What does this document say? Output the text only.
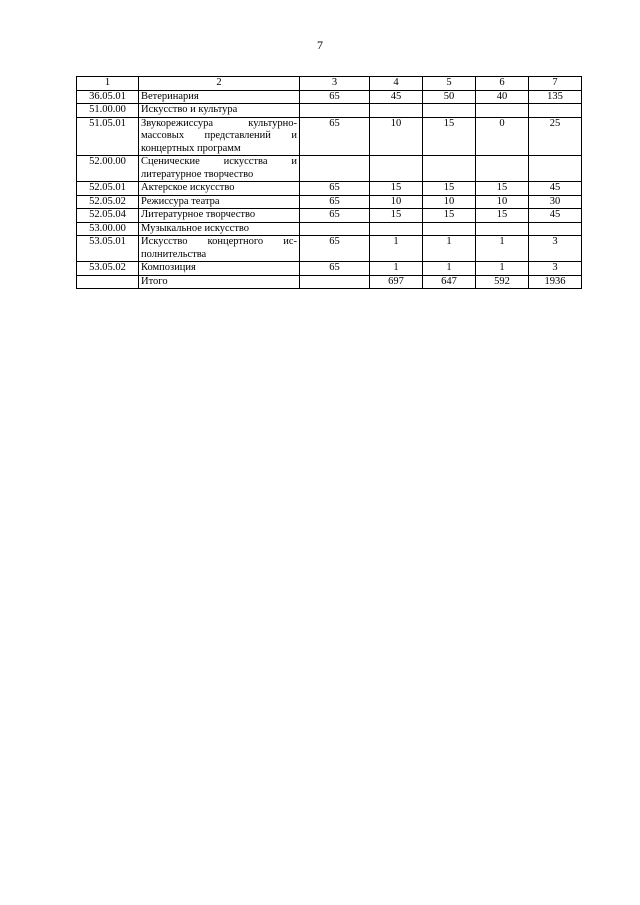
7
1	2	3	4	5	6	7
36.05.01	Ветеринария	65	45	50	40	135
51.00.00	Искусство и культура					
51.05.01	Звукорежиссура культурно-массовых представлений и концертных программ	65	10	15	0	25
52.00.00	Сценические искусства и литературное творчество					
52.05.01	Актерское искусство	65	15	15	15	45
52.05.02	Режиссура театра	65	10	10	10	30
52.05.04	Литературное творчество	65	15	15	15	45
53.00.00	Музыкальное искусство					
53.05.01	Искусство концертного ис-полнительства	65	1	1	1	3
53.05.02	Композиция	65	1	1	1	3
	Итого		697	647	592	1936
